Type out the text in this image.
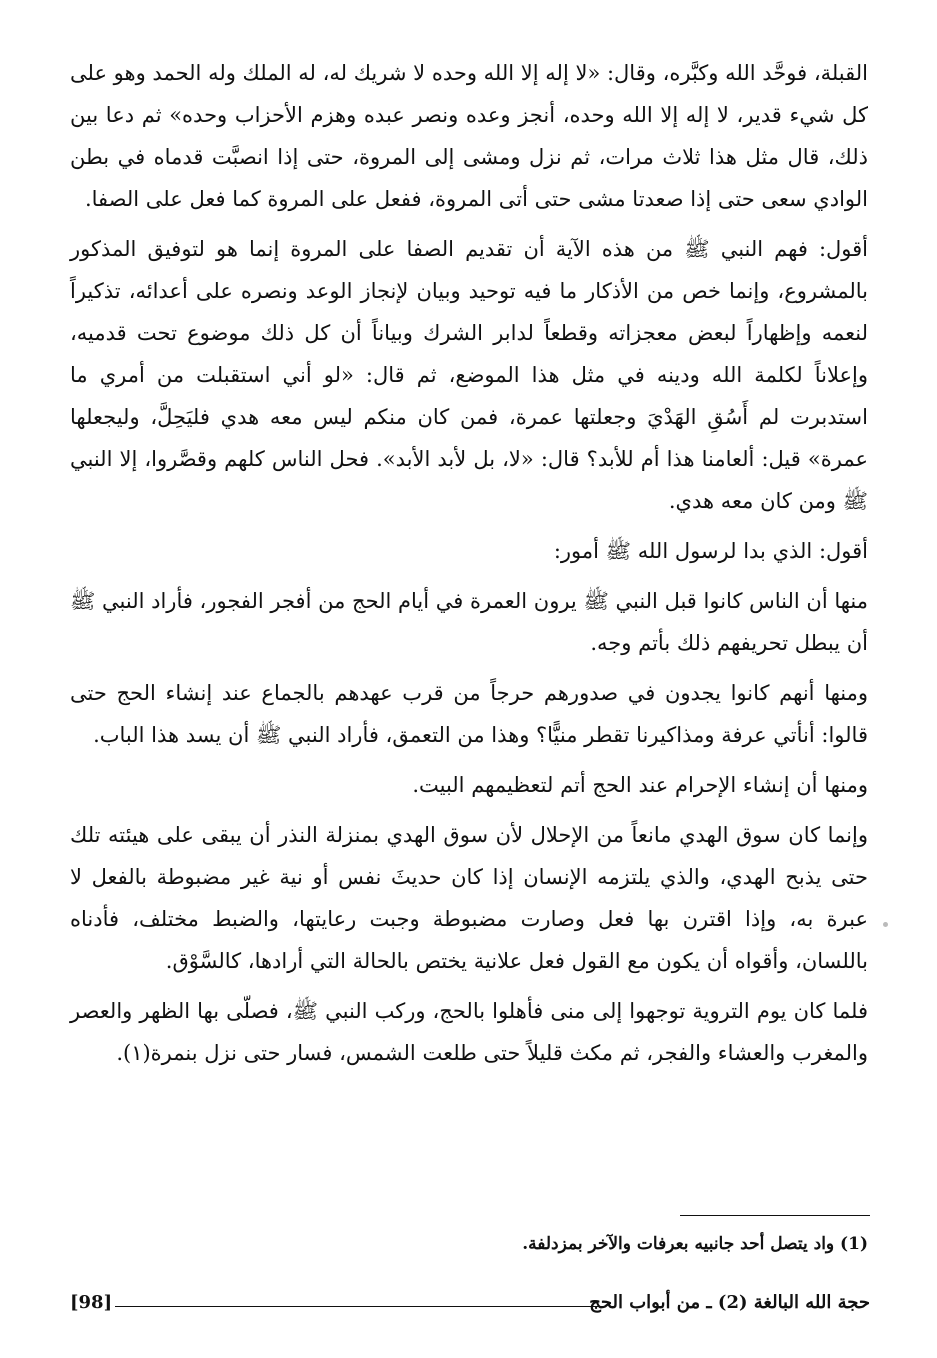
القبلة، فوحَّد الله وكبَّره، وقال: «لا إله إلا الله وحده لا شريك له، له الملك وله الحمد وهو على كل شيء قدير، لا إله إلا الله وحده، أنجز وعده ونصر عبده وهزم الأحزاب وحده» ثم دعا بين ذلك، قال مثل هذا ثلاث مرات، ثم نزل ومشى إلى المروة، حتى إذا انصبَّت قدماه في بطن الوادي سعى حتى إذا صعدتا مشى حتى أتى المروة، ففعل على المروة كما فعل على الصفا.

أقول: فهم النبي ﷺ من هذه الآية أن تقديم الصفا على المروة إنما هو لتوفيق المذكور بالمشروع، وإنما خص من الأذكار ما فيه توحيد وبيان لإنجاز الوعد ونصره على أعدائه، تذكيراً لنعمه وإظهاراً لبعض معجزاته وقطعاً لدابر الشرك وبياناً أن كل ذلك موضوع تحت قدميه، وإعلاناً لكلمة الله ودينه في مثل هذا الموضع، ثم قال: «لو أني استقبلت من أمري ما استدبرت لم أَسُقِ الهَدْيَ وجعلتها عمرة، فمن كان منكم ليس معه هدي فليَحِلَّ، وليجعلها عمرة» قيل: ألعامنا هذا أم للأبد؟ قال: «لا، بل لأبد الأبد». فحل الناس كلهم وقصَّروا، إلا النبي ﷺ ومن كان معه هدي.

أقول: الذي بدا لرسول الله ﷺ أمور:

منها أن الناس كانوا قبل النبي ﷺ يرون العمرة في أيام الحج من أفجر الفجور، فأراد النبي ﷺ أن يبطل تحريفهم ذلك بأتم وجه.

ومنها أنهم كانوا يجدون في صدورهم حرجاً من قرب عهدهم بالجماع عند إنشاء الحج حتى قالوا: أنأتي عرفة ومذاكيرنا تقطر منيًّا؟ وهذا من التعمق، فأراد النبي ﷺ أن يسد هذا الباب.

ومنها أن إنشاء الإحرام عند الحج أتم لتعظيمهم البيت.

وإنما كان سوق الهدي مانعاً من الإحلال لأن سوق الهدي بمنزلة النذر أن يبقى على هيئته تلك حتى يذبح الهدي، والذي يلتزمه الإنسان إذا كان حديثَ نفس أو نية غير مضبوطة بالفعل لا عبرة به، وإذا اقترن بها فعل وصارت مضبوطة وجبت رعايتها، والضبط مختلف، فأدناه باللسان، وأقواه أن يكون مع القول فعل علانية يختص بالحالة التي أرادها، كالسَّوْق.

فلما كان يوم التروية توجهوا إلى منى فأهلوا بالحج، وركب النبي ﷺ، فصلّى بها الظهر والعصر والمغرب والعشاء والفجر، ثم مكث قليلاً حتى طلعت الشمس، فسار حتى نزل بنمرة(١).

(1) واد يتصل أحد جانبيه بعرفات والآخر بمزدلفة.
حجة الله البالغة (2) ـ من أبواب الحج
[98]
